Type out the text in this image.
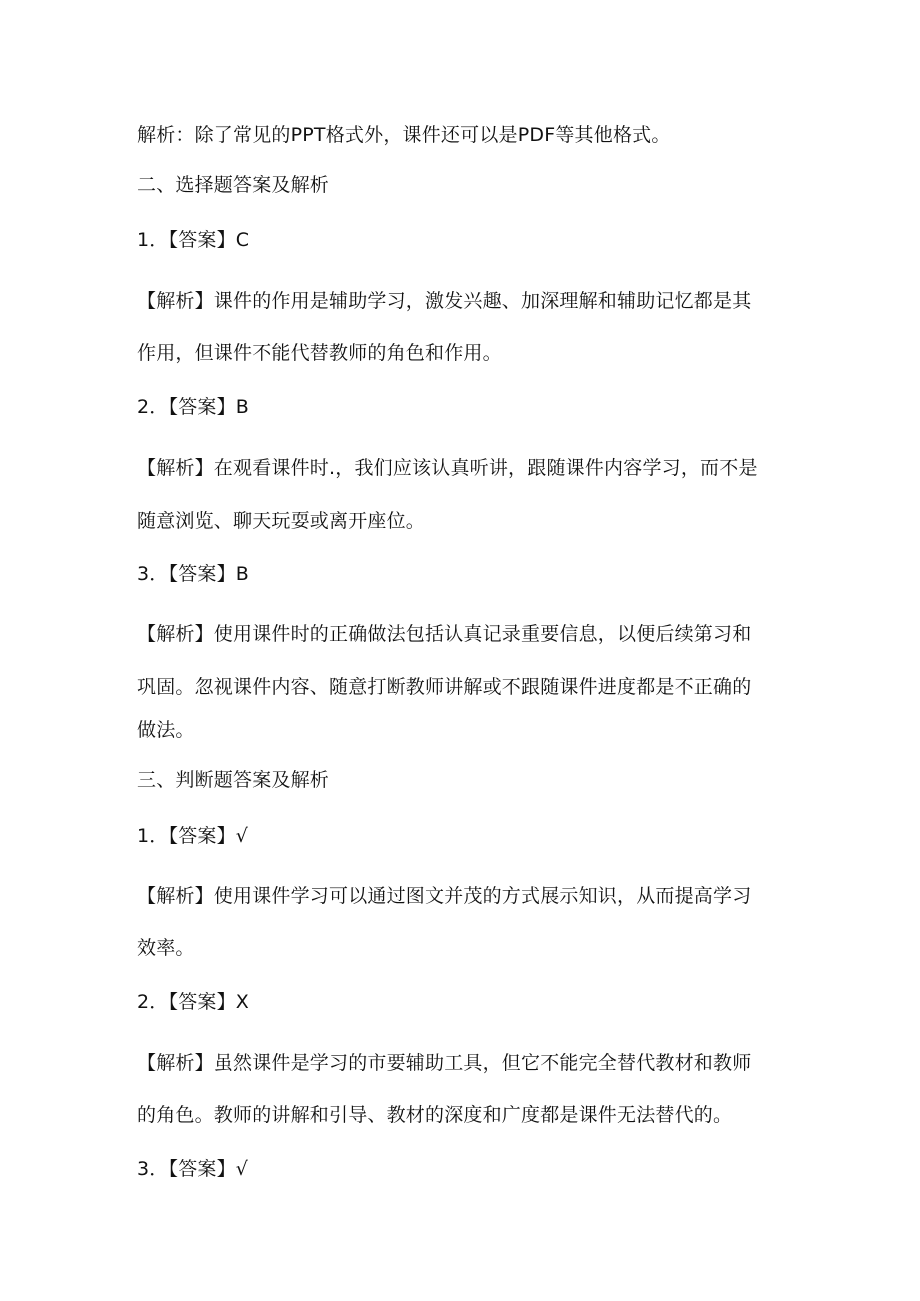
解析：除了常见的PPT格式外，课件还可以是PDF等其他格式。
二、选择题答案及解析
1．【答案】C
【解析】课件的作用是辅助学习，激发兴趣、加深理解和辅助记忆都是其
作用，但课件不能代替教师的角色和作用。
2．【答案】B
【解析】在观看课件时.，我们应该认真听讲，跟随课件内容学习，而不是
随意浏览、聊天玩耍或离开座位。
3．【答案】B
【解析】使用课件时的正确做法包括认真记录重要信息，以便后续第习和
巩固。忽视课件内容、随意打断教师讲解或不跟随课件进度都是不正确的
做法。
三、判断题答案及解析
1．【答案】√
【解析】使用课件学习可以通过图文并茂的方式展示知识，从而提高学习
效率。
2．【答案】X
【解析】虽然课件是学习的市要辅助工具，但它不能完全替代教材和教师
的角色。教师的讲解和引导、教材的深度和广度都是课件无法替代的。
3．【答案】√
